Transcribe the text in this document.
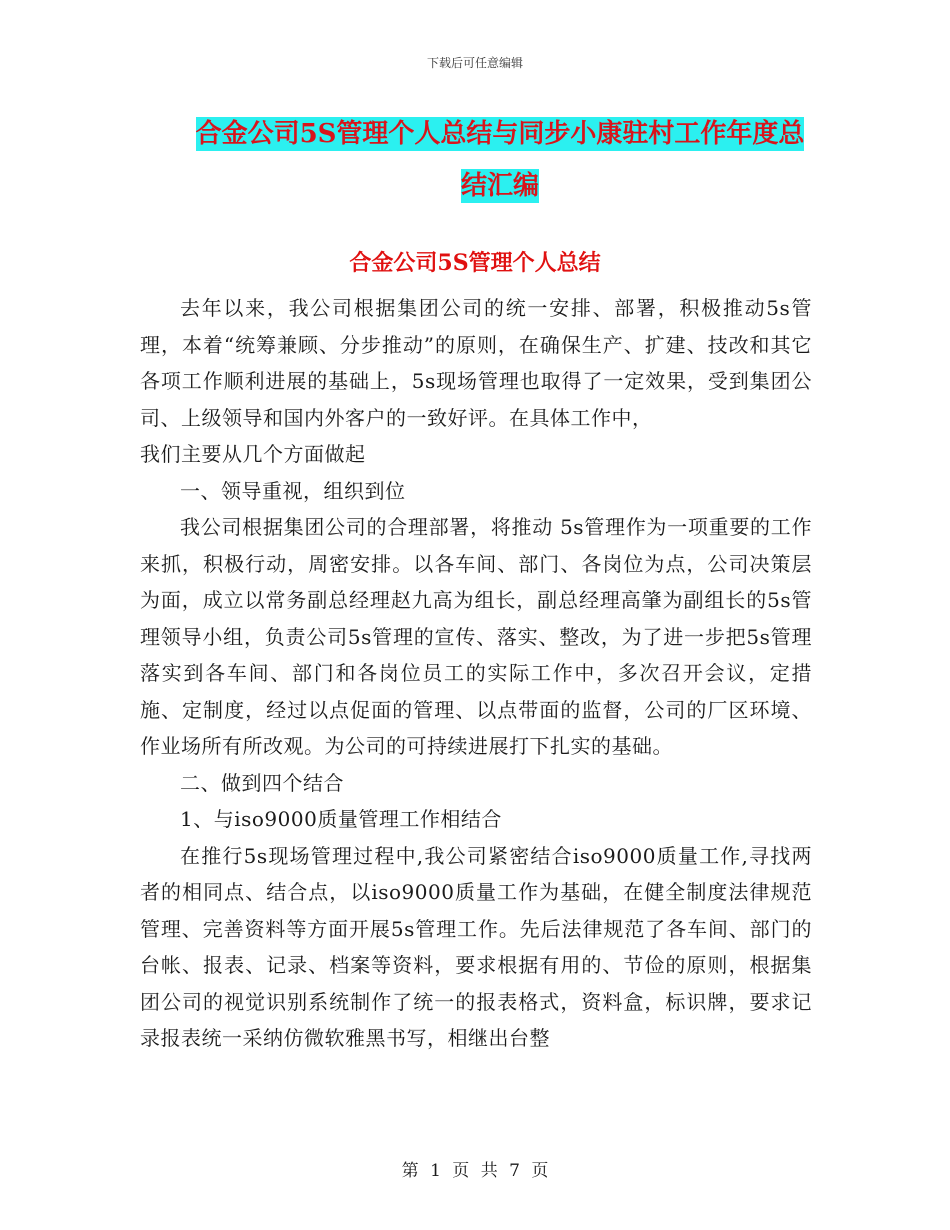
下载后可任意编辑
合金公司5S管理个人总结与同步小康驻村工作年度总
结汇编
合金公司5S管理个人总结

去年以来，我公司根据集团公司的统一安排、部署，积极推动5s管理，本着“统筹兼顾、分步推动”的原则，在确保生产、扩建、技改和其它各项工作顺利进展的基础上，5s现场管理也取得了一定效果，受到集团公司、上级领导和国内外客户的一致好评。在具体工作中，

我们主要从几个方面做起

一、领导重视，组织到位

我公司根据集团公司的合理部署，将推动 5s管理作为一项重要的工作来抓，积极行动，周密安排。以各车间、部门、各岗位为点，公司决策层为面，成立以常务副总经理赵九高为组长，副总经理高肇为副组长的5s管理领导小组，负责公司5s管理的宣传、落实、整改，为了进一步把5s管理落实到各车间、部门和各岗位员工的实际工作中，多次召开会议，定措施、定制度，经过以点促面的管理、以点带面的监督，公司的厂区环境、作业场所有所改观。为公司的可持续进展打下扎实的基础。

二、做到四个结合

1、与iso9000质量管理工作相结合

在推行5s现场管理过程中,我公司紧密结合iso9000质量工作,寻找两者的相同点、结合点，以iso9000质量工作为基础，在健全制度法律规范管理、完善资料等方面开展5s管理工作。先后法律规范了各车间、部门的台帐、报表、记录、档案等资料，要求根据有用的、节俭的原则，根据集团公司的视觉识别系统制作了统一的报表格式，资料盒，标识牌，要求记录报表统一采纳仿微软雅黑书写，相继出台整

第 1 页 共 7 页
